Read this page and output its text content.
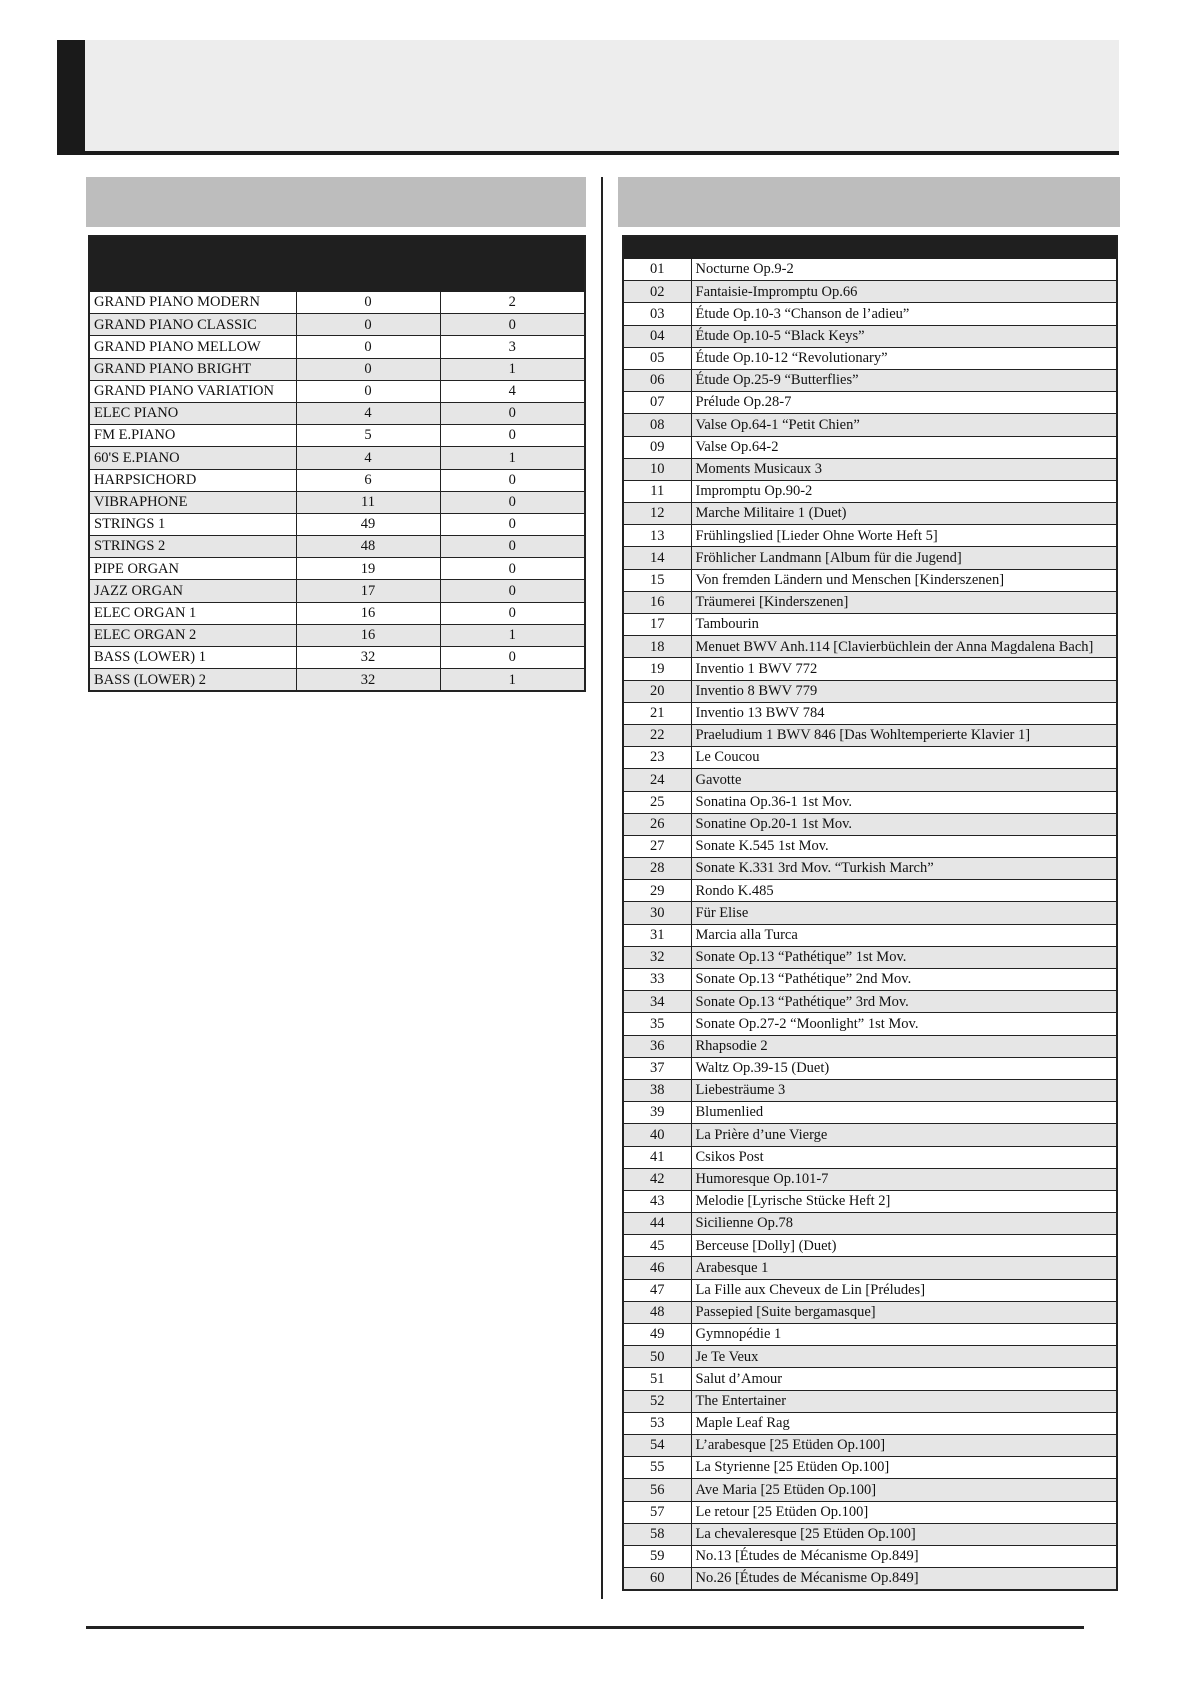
GRAND PIANO MODERN	0	2
GRAND PIANO CLASSIC	0	0
GRAND PIANO MELLOW	0	3
GRAND PIANO BRIGHT	0	1
GRAND PIANO VARIATION	0	4
ELEC PIANO	4	0
FM E.PIANO	5	0
60'S E.PIANO	4	1
HARPSICHORD	6	0
VIBRAPHONE	11	0
STRINGS 1	49	0
STRINGS 2	48	0
PIPE ORGAN	19	0
JAZZ ORGAN	17	0
ELEC ORGAN 1	16	0
ELEC ORGAN 2	16	1
BASS (LOWER) 1	32	0
BASS (LOWER) 2	32	1

01	Nocturne Op.9-2
02	Fantaisie-Impromptu Op.66
03	Étude Op.10-3 “Chanson de l’adieu”
04	Étude Op.10-5 “Black Keys”
05	Étude Op.10-12 “Revolutionary”
06	Étude Op.25-9 “Butterflies”
07	Prélude Op.28-7
08	Valse Op.64-1 “Petit Chien”
09	Valse Op.64-2
10	Moments Musicaux 3
11	Impromptu Op.90-2
12	Marche Militaire 1 (Duet)
13	Frühlingslied [Lieder Ohne Worte Heft 5]
14	Fröhlicher Landmann [Album für die Jugend]
15	Von fremden Ländern und Menschen [Kinderszenen]
16	Träumerei [Kinderszenen]
17	Tambourin
18	Menuet BWV Anh.114 [Clavierbüchlein der Anna Magdalena Bach]
19	Inventio 1 BWV 772
20	Inventio 8 BWV 779
21	Inventio 13 BWV 784
22	Praeludium 1 BWV 846 [Das Wohltemperierte Klavier 1]
23	Le Coucou
24	Gavotte
25	Sonatina Op.36-1 1st Mov.
26	Sonatine Op.20-1 1st Mov.
27	Sonate K.545 1st Mov.
28	Sonate K.331 3rd Mov. “Turkish March”
29	Rondo K.485
30	Für Elise
31	Marcia alla Turca
32	Sonate Op.13 “Pathétique” 1st Mov.
33	Sonate Op.13 “Pathétique” 2nd Mov.
34	Sonate Op.13 “Pathétique” 3rd Mov.
35	Sonate Op.27-2 “Moonlight” 1st Mov.
36	Rhapsodie 2
37	Waltz Op.39-15 (Duet)
38	Liebesträume 3
39	Blumenlied
40	La Prière d’une Vierge
41	Csikos Post
42	Humoresque Op.101-7
43	Melodie [Lyrische Stücke Heft 2]
44	Sicilienne Op.78
45	Berceuse [Dolly] (Duet)
46	Arabesque 1
47	La Fille aux Cheveux de Lin [Préludes]
48	Passepied [Suite bergamasque]
49	Gymnopédie 1
50	Je Te Veux
51	Salut d’Amour
52	The Entertainer
53	Maple Leaf Rag
54	L’arabesque [25 Etüden Op.100]
55	La Styrienne [25 Etüden Op.100]
56	Ave Maria [25 Etüden Op.100]
57	Le retour [25 Etüden Op.100]
58	La chevaleresque [25 Etüden Op.100]
59	No.13 [Études de Mécanisme Op.849]
60	No.26 [Études de Mécanisme Op.849]
